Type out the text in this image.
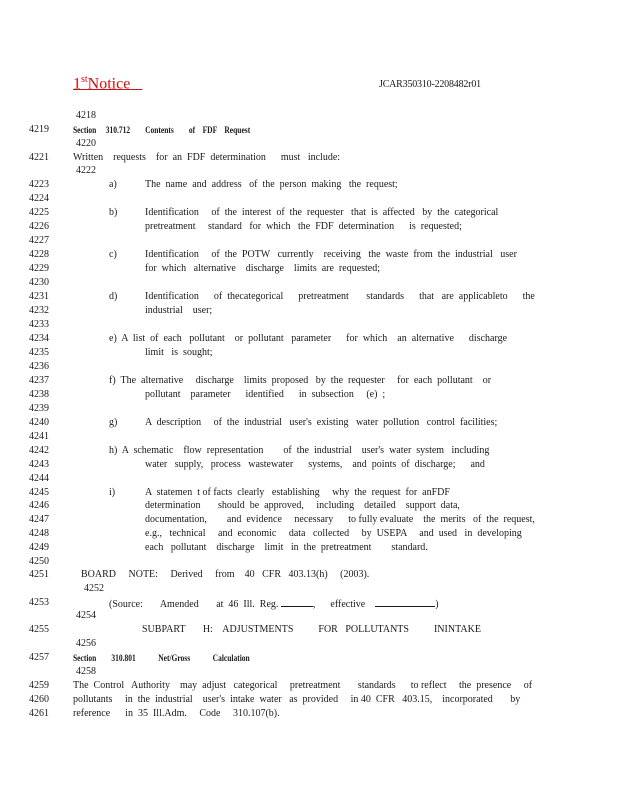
1stNotice	JCAR350310-2208482r01
4218
4219	Section     310.712        Contents        of    FDF    Request
4220
4221 Written    requests    for  an  FDF  determination      must   include:
4222
4223	a)	The  name  and  address   of  the  person  making   the  request;
4224
4225	b)	Identification     of  the  interest  of  the  requester   that  is  affected   by  the  categorical
4226	pretreatment     standard   for  which   the  FDF  determination      is  requested;
4227
4228	c)	Identification     of  the  POTW   currently    receiving   the  waste  from  the  industrial   user
4229	for  which   alternative    discharge    limits  are  requested;
4230
4231	d)	Identification      of  thecategorical      pretreatment       standards      that   are  applicableto      the
4232	industrial    user;
4233
4234	e)  A  list  of  each   pollutant    or  pollutant   parameter      for  which    an  alternative      discharge
4235	limit   is  sought;
4236
4237	f)  The  alternative     discharge    limits  proposed   by  the  requester     for  each  pollutant    or
4238	pollutant    parameter      identified      in  subsection     (e)  ;
4239
4240	g)	A  description     of  the  industrial   user's  existing   water  pollution   control  facilities;
4241
4242	h)  A  schematic    flow  representation        of  the  industrial    user's  water  system   including
4243	water   supply,   process   wastewater      systems,    and  points  of  discharge;      and
4244
4245	i)	A  statemen  t of facts  clearly   establishing     why  the  request  for  anFDF
4246	determination       should  be  approved,     including    detailed    support  data,
4247	documentation,        and  evidence     necessary      to fully evaluate    the  merits   of  the  request,
4248	e.g.,   technical     and  economic     data   collected     by  USEPA     and  used   in  developing
4249	each   pollutant    discharge    limit   in  the  pretreatment        standard.
4250
4251	BOARD     NOTE:     Derived     from    40   CFR   403.13(h)     (2003).
4252
4253	(Source:       Amended       at  46  Ill.  Reg.	,      effective	)
4254
4255	SUBPART       H:    ADJUSTMENTS          FOR   POLLUTANTS          ININTAKE
4256
4257	Section        310.801            Net/Gross            Calculation
4258
4259 The  Control   Authority    may  adjust   categorical     pretreatment       standards      to reflect     the  presence     of
4260 pollutants     in  the  industrial    user's  intake  water   as  provided     in 40  CFR   403.15,    incorporated       by
4261 reference      in  35  Ill.Adm.     Code     310.107(b).
